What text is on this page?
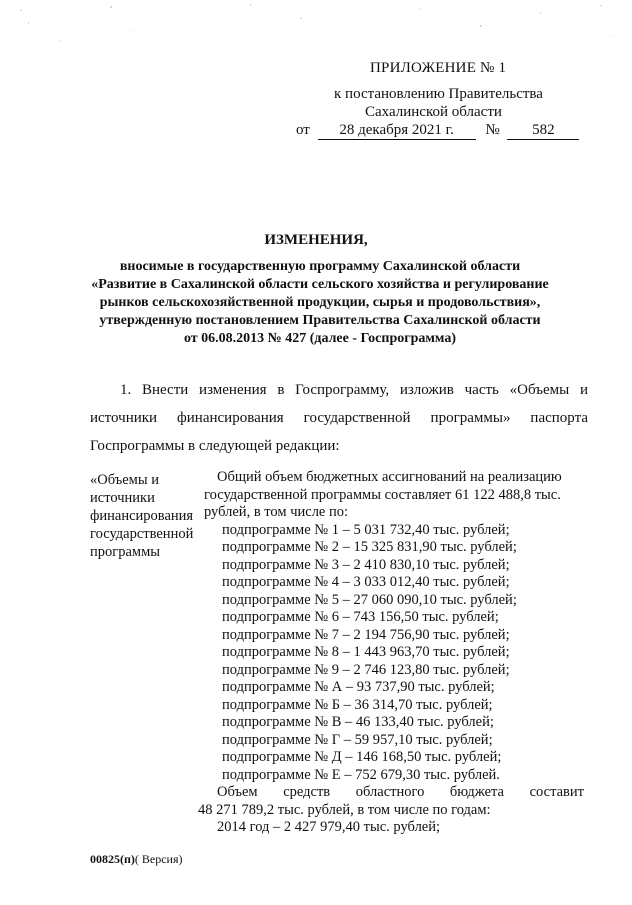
ПРИЛОЖЕНИЕ № 1
к постановлению Правительства
Сахалинской области
от 28 декабря 2021 г. № 582
ИЗМЕНЕНИЯ,
вносимые в государственную программу Сахалинской области
«Развитие в Сахалинской области сельского хозяйства и регулирование
рынков сельскохозяйственной продукции, сырья и продовольствия»,
утвержденную постановлением Правительства Сахалинской области
от 06.08.2013 № 427 (далее - Госпрограмма)
1. Внести изменения в Госпрограмму, изложив часть «Объемы и
источники финансирования государственной программы» паспорта
Госпрограммы в следующей редакции:
«Объемы и
источники
финансирования
государственной
программы
Общий объем бюджетных ассигнований на реализацию
государственной программы составляет 61 122 488,8 тыс.
рублей, в том числе по:
подпрограмме № 1 – 5 031 732,40 тыс. рублей;
подпрограмме № 2 – 15 325 831,90 тыс. рублей;
подпрограмме № 3 – 2 410 830,10 тыс. рублей;
подпрограмме № 4 – 3 033 012,40 тыс. рублей;
подпрограмме № 5 – 27 060 090,10 тыс. рублей;
подпрограмме № 6 – 743 156,50 тыс. рублей;
подпрограмме № 7 – 2 194 756,90 тыс. рублей;
подпрограмме № 8 – 1 443 963,70 тыс. рублей;
подпрограмме № 9 – 2 746 123,80 тыс. рублей;
подпрограмме № А – 93 737,90 тыс. рублей;
подпрограмме № Б – 36 314,70 тыс. рублей;
подпрограмме № В – 46 133,40 тыс. рублей;
подпрограмме № Г – 59 957,10 тыс. рублей;
подпрограмме № Д – 146 168,50 тыс. рублей;
подпрограмме № Е – 752 679,30 тыс. рублей.
Объем средств областного бюджета составит
48 271 789,2 тыс. рублей, в том числе по годам:
2014 год – 2 427 979,40 тыс. рублей;
00825(п)( Версия)
